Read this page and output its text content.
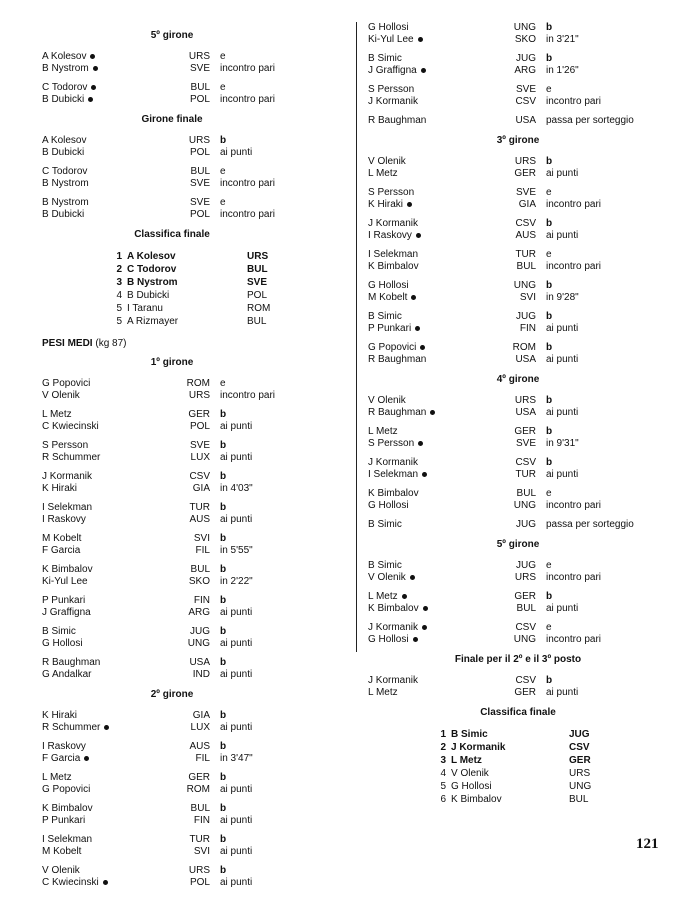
5º girone
A Kolesov	URS e
B Nystrom	SVE incontro pari
C Todorov	BUL e
B Dubicki	POL incontro pari
Girone finale
A Kolesov	URS b
B Dubicki	POL ai punti
C Todorov	BUL e
B Nystrom	SVE incontro pari
B Nystrom	SVE e
B Dubicki	POL incontro pari
Classifica finale
1 A Kolesov	URS
2 C Todorov	BUL
3 B Nystrom	SVE
4 B Dubicki	POL
5 I Taranu	ROM
5 A Rizmayer	BUL
PESI MEDI (kg 87)
1º girone
G Popovici	ROM e
V Olenik	URS incontro pari
L Metz	GER b
C Kwiecinski	POL ai punti
S Persson	SVE b
R Schummer	LUX ai punti
J Kormanik	CSV b
K Hiraki	GIA in 4'03"
I Selekman	TUR b
I Raskovy	AUS ai punti
M Kobelt	SVI b
F Garcia	FIL in 5'55"
K Bimbalov	BUL b
Ki-Yul Lee	SKO in 2'22"
P Punkari	FIN b
J Graffigna	ARG ai punti
B Simic	JUG b
G Hollosi	UNG ai punti
R Baughman	USA b
G Andalkar	IND ai punti
2º girone
K Hiraki	GIA b
R Schummer	LUX ai punti
I Raskovy	AUS b
F Garcia	FIL in 3'47"
L Metz	GER b
G Popovici	ROM ai punti
K Bimbalov	BUL b
P Punkari	FIN ai punti
I Selekman	TUR b
M Kobelt	SVI ai punti
V Olenik	URS b
C Kwiecinski	POL ai punti
G Hollosi	UNG b
Ki-Yul Lee	SKO in 3'21"
B Simic	JUG b
J Graffigna	ARG in 1'26"
S Persson	SVE e
J Kormanik	CSV incontro pari
R Baughman	USA passa per sorteggio
3º girone
V Olenik	URS b
L Metz	GER ai punti
S Persson	SVE e
K Hiraki	GIA incontro pari
J Kormanik	CSV b
I Raskovy	AUS ai punti
I Selekman	TUR e
K Bimbalov	BUL incontro pari
G Hollosi	UNG b
M Kobelt	SVI in 9'28"
B Simic	JUG b
P Punkari	FIN ai punti
G Popovici	ROM b
R Baughman	USA ai punti
4º girone
V Olenik	URS b
R Baughman	USA ai punti
L Metz	GER b
S Persson	SVE in 9'31"
J Kormanik	CSV b
I Selekman	TUR ai punti
K Bimbalov	BUL e
G Hollosi	UNG incontro pari
B Simic	JUG passa per sorteggio
5º girone
B Simic	JUG e
V Olenik	URS incontro pari
L Metz	GER b
K Bimbalov	BUL ai punti
J Kormanik	CSV e
G Hollosi	UNG incontro pari
Finale per il 2º e il 3º posto
J Kormanik	CSV b
L Metz	GER ai punti
Classifica finale
1 B Simic	JUG
2 J Kormanik	CSV
3 L Metz	GER
4 V Olenik	URS
5 G Hollosi	UNG
6 K Bimbalov	BUL
121
